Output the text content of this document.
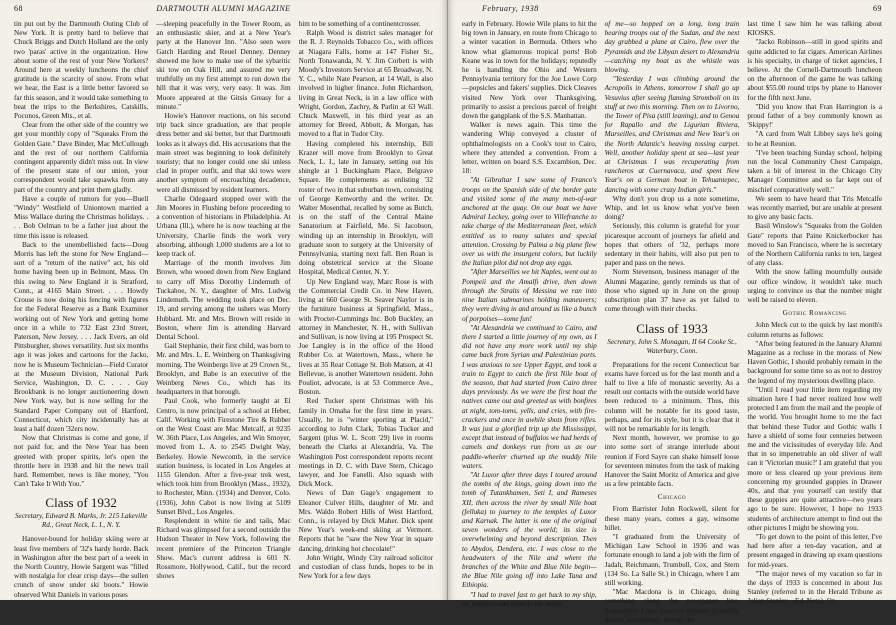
68	DARTMOUTH ALUMNI MAGAZINE

tin put out by the Dartmouth Outing Club of New York. It is pretty hard to believe that Chuck Briggs and Dutch Holland are the only two 'paras' active in the organization. How about some of the rest of your New Yorkers? Around here at weekly luncheons the chief gratitude is the scarcity of snow. From what we hear, the East is a little better favored so far this season, and it would take something to beat the trips to the Berkshires, Catskills, Poconos, Green Mts., et al.

Clear from the other side of the country we get your monthly copy of "Squeaks From the Golden Gate." Dave Binder, Mac McCullough and the rest of our northern California contingent apparently didn't miss out. In view of the present state of our union, your correspondent would take squawks from any part of the country and print them gladly.

Have a couple of rumors for you—Buell "Windy" Westfield of Uniontown married a Miss Wallace during the Christmas holidays. . . . Bob Oelman to be a father just about the time this issue is released.

Back to the unembellished facts—Doug Morris has left the stone for New England—sort of a "return of the native" act, his old home having been up in Belmont, Mass. On this swing to New England it is Stratford, Conn., at 4165 Main Street. . . . Howdy Crouse is now doing his fencing with figures for the Federal Reserve as a Bank Examiner working out of New York and getting home once in a while to 732 East 23rd Street, Paterson, New Jersey. . . . Jack Evers, an old Pittsburgher, shows versatility. Just six months ago it was jokes and cartoons for the Jacko, now he is Museum Technician—Field Curator at the Museum Division, National Park Service, Washington, D. C. . . . Guy Brookbank is no longer auctioneering down New York way, but is now selling for the Standard Paper Company out of Hartford, Connecticut, which city incidentally has at least a half dozen '32ers now.

Now that Christmas is come and gone, if not paid for, and the New Year has been greeted with proper spirits, let's open the throttle here in 1938 and hit the news trail hard. Remember, news is like money, "You Can't Take It With You."

Class of 1932
Secretary, Edward B. Marks, Jr. 215 Lakeville Rd., Great Neck, L. I., N. Y.

Hanover-bound for holiday skiing were at least five members of '32's hardy horde. Back in Washington after the best part of a week in the North Country, Howie Sargent was "filled with nostalgia for clear crisp days—the sullen crunch of snow under ski boots." Howie observed Whit Daniels in various poses

—sleeping peacefully in the Tower Room, as an enthusiastic skier, and at a New Year's party at the Hanover Inn. "Also seen were Gatch Harding and Reuel Denney. Denney showed me how to make use of the sybaritic ski tow on Oak Hill, and assured me very truthfully on my first attempt to run down the hill that it was very, very easy. It was. Jim Moore appeared at the Gitsis Greasy for a minute."

Howie's Hanover reactions, on his second trip back since graduation, are that people dress better and ski better, but that Dartmouth looks as it always did. His accusations that the main street was beginning to look definitely touristy; that no longer could one ski unless clad in proper outfit, and that ski tows were another symptom of encroaching decadence, were all dismissed by resident learners.

Charlie Odegaard stopped over with the Jim Moores in Flushing before proceeding to a convention of historians in Philadelphia. At Urbana (Ill.), where he is now teaching at the University, Charlie finds the work very absorbing, although 1,000 students are a lot to keep track of.

Marriage of the month involves Jim Brown, who wooed down from New England to carry off Miss Dorothy Lindemuth of Tuckahoe, N. Y., daughter of Mrs. Ludwig Lindemuth. The wedding took place on Dec. 19, and serving among the ushers was Morry Hubbard. Mr. and Mrs. Brown will reside in Boston, where Jim is attending Harvard Dental School.

Gail Stephanie, their first child, was born to Mr. and Mrs. L. E. Weinberg on Thanksgiving morning. The Weinbergs live at 29 Crown St., Brooklyn, and Babe is an executive of the Weinberg News Co., which has its headquarters in that borough.

Paul Cook, who formerly taught at El Centro, is now principal of a school at Heber, Calif. Working with Firestone Tire & Rubber on the West Coast are Mac Metcalf, at 9235 W. 36th Place, Los Angeles, and Win Smoyer, moved from L. A. to 2545 Dwight Way, Berkeley. Howie Newcomb, in the service station business, is located in Los Angeles at 1155 Glendon. After a five-year trek west, which took him from Brooklyn (Mass., 1932), to Rochester, Minn. (1934) and Denver, Colo. (1936), John Cabot is now living at 5109 Sunset Blvd., Los Angeles.

Resplendent in white tie and tails, Mac Richard was glimpsed for a second outside the Hudson Theater in New York, following the recent premiere of the Princeton Triangle Show. Mac's current address is 601 N. Rossmore, Hollywood, Calif., but the record shows

him to be something of a continentcrosser.

Ralph Wood is district sales manager for the R. J. Reynolds Tobacco Co., with offices at Niagara Falls, home at 147 Fisher St., North Tonawanda, N. Y. Jim Corbett is with Moody's Investors Service at 65 Broadway, N. Y. C., while Nate Pearson, at 14 Wall, is also involved in higher finance. John Richardson, living in Great Neck, is in a law office with Wright, Gordon, Zachry, & Parlin at 63 Wall. Chuck Maxwell, in his third year as an attorney for Breed, Abbott, & Morgan, has moved to a flat in Tudor City.

Having completed his internship, Bill Krazer will move from Brooklyn to Great Neck, L. I., late in January, setting out his shingle at 1 Buckingham Place, Belgrave Square. He complements as enlisting '32 roster of two in that suburban town, consisting of George Kenworthy and the writer. Dr. Walter Mosenthal, recalled by some as Butch, is on the staff of the Central Maine Sanatorium at Fairfield, Me. Si Jacobson, winding up an internship in Brooklyn, will graduate soon to surgery at the University of Pennsylvania, starting next fall. Ben Roan is doing obstetrical service at the Sloane Hospital, Medical Center, N. Y.

Up New England way, Marc Rose is with the Commercial Credit Co. in New Haven, living at 660 George St. Seaver Naylor is in the furniture business at Springfield, Mass., with Procter-Cummings Inc. Bob Buckley, an attorney in Manchester, N. H., with Sullivan and Sullivan, is now living at 195 Prospect St. Joe Langley is in the office of the Hood Rubber Co. at Watertown, Mass., where he lives at 35 Rear Cottage St. Bob Matson, at 41 Bellevue, is another Watertown resident. John Pouliot, advocate, is at 53 Commerce Ave., Boston.

Red Tucker spent Christmas with his family in Omaha for the first time in years. Usually, he is "winter sporting at Placid," according to John Clark, Tobias Tucker and Sargent (plus W. L. Scott '29) live in rooms beneath the Clarks at Alexandria, Va. The Washington Post correspondent reports recent meetings in D. C. with Dave Stern, Chicago lawyer, and Joe Fanelli. Also squash with Dick Mock.

News of Dan Gage's engagement to Eleanor Culver Hills, daughter of Mr. and Mrs. Waldo Robert Hills of West Hartford, Conn., is relayed by Dick Maher. Dick spent New Year's week-end skiing at Vermont. Reports that he "saw the New Year in square dancing, drinking hot chocolate!"

John Wright, Windy City railroad solicitor and custodian of class funds, hopes to be in New York for a few days

February, 1938	69

early in February. Howie Wile plans to hit the big town in January, en route from Chicago to a winter vacation in Bermuda. Others who know what glamorous tropical ports! Bob Keane was in town for the holidays; reputedly he is handling the Ohio and Western Pennsylvania territory for the Joe Lowe Corp—popsicles and fakers' supplies. Dick Cleaves visited New York over Thanksgiving, primarily to assist a precious parcel of freight down the gangplank of the S.S. Manhattan.

Walker is news again. This time the wandering Whip conveyed a cluster of ophthalmologists on a Cook's tour to Cairo, where they attended a convention. From a letter, written on board S.S. Excambion, Dec. 18:

"At Gibraltar I saw some of Franco's troops on the Spanish side of the border gate and visited some of the many men-of-war anchored at the quay. On our boat we have Admiral Leckey, going over to Villefranche to take charge of the Mediterranean fleet, which entitled us to many salutes and special attention. Crossing by Palma a big plane flew over us with the insurgent colors, but luckily the Italian pilot did not drop any eggs.

"After Marseilles we hit Naples, went out to Pompeii and the Amalfi drive, then down through the Straits of Messina we ran into nine Italian submarines holding maneuvers; they were diving in and around us like a bunch of porpoises—some fun!

"At Alexandria we continued to Cairo, and there I started a little journey of my own, as I did not have any more work until my ship came back from Syrian and Palestinian ports. I was anxious to see Upper Egypt, and took a train to Egypt to catch the first Nile boat of the season, that had started from Cairo three days previously. As we were the first boat the natives came out and greeted us with bonfires at night, tom-toms, yells, and cries, with fire-crackers and once in awhile shots from rifles. It was just a glorified trip up the Mississippi, except that instead of buffalos we had herds of camels and donkeys run from us as our paddle-wheeler churned up the muddy Nile waters.

"At Luxor after three days I toured around the tombs of the kings, going down into the tomb of Tutankhamen, Seti I, and Rameses XII, then across the river by small Nile boat (felluka) to journey to the temples of Luxor and Karnak. The latter is one of the original seven wonders of the world; its size is overwhelming and beyond description. Then to Abydos, Dendera, etc. I was close to the headwaters of the Nile and where the branches of the White and Blue Nile begin—the Blue Nile going off into Lake Tana and Ethiopia.

"I had to travel fast to get back to my ship, six hundred-odd miles to the north

of me—so hopped on a long, long train bearing troops out of the Sudan, and the next day grabbed a plane at Cairo, flew over the Pyramids and the Libyan desert to Alexandria—catching my boat as the whistle was blowing.

"Yesterday I was climbing around the Acropolis in Athens, tomorrow I shall go up Vesuvius after seeing flaming Stromboli on its stuff at two this morning. Then on to Livorno, the Tower of Pisa (still leaning), and to Genoa for Rapallo and the Ligurian Riviera, Marseilles, and Christmas and New Year's on the North Atlantic's heaving tossing carpet. Well, another holiday spent at sea—last year at Christmas I was recuperating from rancheros at Cuernavaca, and spent New Year's on a German boat in Tehuantepec, dancing with some crazy Indian girls."

Why don't you drop us a note sometime, Whip, and let us know what you've been doing?

Seriously, this column is grateful for your picaresque account of journeys far afield and hopes that others of '32, perhaps more sedentary in their habits, will also put pen to paper and pass on the news.

Norm Stevenson, business manager of the Alumni Magazine, gently reminds us that of those who signed up in June on the group subscription plan 37 have as yet failed to come through with their checks.

Class of 1933
Secretary, John S. Monagan, II 64 Cooke St., Waterbury, Conn.

Preparations for the recent Connecticut bar exams have forced us for the last month and a half to live a life of monastic severity. As a result our contacts with the outside world have been reduced to a minimum. Thus, this column will be notable for its good taste, perhaps, and for its style, but it is clear that it will not be remarkable for its length.

Next month, however, we promise to go into some sort of strange interlude about reunion if Ford Sayre can shake himself loose for seventeen minutes from the task of making Hanover the Saint Moritz of America and give us a few printable facts.

Chicago

From Barrister John Rockwell, silent for these many years, comes a gay, winsome billet.

"I graduated from the University of Michigan Law School in 1936 and was fortunate enough to land a job with the firm of Jadah, Reichmann, Trumbull, Cox, and Stern (134 So. La Salle St.) in Chicago, where I am still working.

"Mac Macdona is in Chicago, doing something along the newspaper line. Somewhere I also involves theaters (probably theater advertising), though the

last time I saw him he was talking about KIOSKS.

"Jacko Robinson—still in good spirits and quite addicted to fat cigars. American Airlines is his specialty, in charge of ticket agencies, I believe. At the Cornell-Dartmouth luncheon on the afternoon of the game he was talking about $55.00 round trips by plane to Hanover for the fifth next June.

"Did you know that Fran Harrington is a proud father of a boy commonly known as 'Skippy!'

"A card from Walt Libbey says he's going to be at Reunion.

"I've been teaching Sunday school, helping run the local Community Chest Campaign, taken a bit of interest in the Chicago City Manager Committee and so far kept out of mischief comparatively well."

We seem to have heard that Tris Metcalfe was recently married, but are unable at present to give any basic facts.

Basil Winslow's "Squeaks from the Golden Gate" reports that Paine Knickerbocker has moved to San Francisco, where he is secretary of the Northern California ranks to ten, largest of any class.

With the snow falling mournfully outside our office window, it wouldn't take much urging to convince us that the number might well be raised to eleven.

Gothic Romancing

John Meck cut to the quick by last month's column returns as follows:

"After being featured in the January Alumni Magazine as a recluse in the morass of New Haven Gothic, I should probably remain in the background for some time so as not to destroy the legend of my mysterious dwelling place.

"Until I read your little item regarding my situation here I had never realized how well protected I am from the mail and the people of the world. You brought home to me the fact that behind these Tudor and Gothic walls I have a shield of some four centuries between me and the vicissitudes of everyday life. And that in so impenetrable an old sliver of wall can it 'Victorian music?' I am grateful that you more or less cleared up your previous item concerning my grounded guppies in Drawer 40x, and that you yourself can testify that these guppies are quite attractive—two years ago to be sure. However, I hope no 1933 students of architecture attempt to find out the other pictures I might be showing you.

"To get down to the point of this letter, I've had here after a ten-day vacation, and at present engaged in drawing up exam questions for mid-years.

"The major news of my vacation so far in the days of 1933 is concerned in about Jus Stanley (referred to in the Herald Tribune as Julian Stanley—Ed. Note). On
